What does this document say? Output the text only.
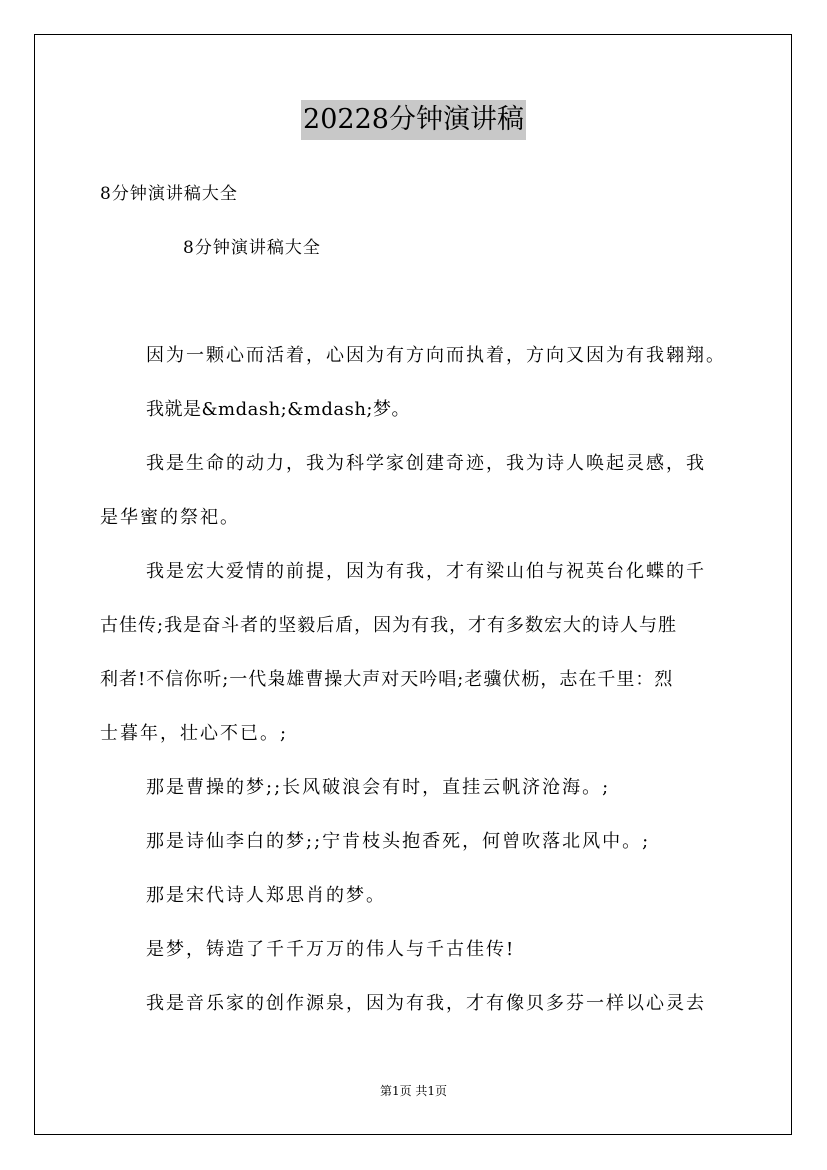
20228分钟演讲稿
8分钟演讲稿大全
8分钟演讲稿大全
因为一颗心而活着，心因为有方向而执着，方向又因为有我翱翔。
我就是&mdash;&mdash;梦。
我是生命的动力，我为科学家创建奇迹，我为诗人唤起灵感，我
是华蜜的祭祀。
我是宏大爱情的前提，因为有我，才有梁山伯与祝英台化蝶的千
古佳传;我是奋斗者的坚毅后盾，因为有我，才有多数宏大的诗人与胜
利者!不信你听;一代枭雄曹操大声对天吟唱;老骥伏枥，志在千里：烈
士暮年，壮心不已。;
那是曹操的梦;;长风破浪会有时，直挂云帆济沧海。;
那是诗仙李白的梦;;宁肯枝头抱香死，何曾吹落北风中。;
那是宋代诗人郑思肖的梦。
是梦，铸造了千千万万的伟人与千古佳传!
我是音乐家的创作源泉，因为有我，才有像贝多芬一样以心灵去
第1页 共1页
